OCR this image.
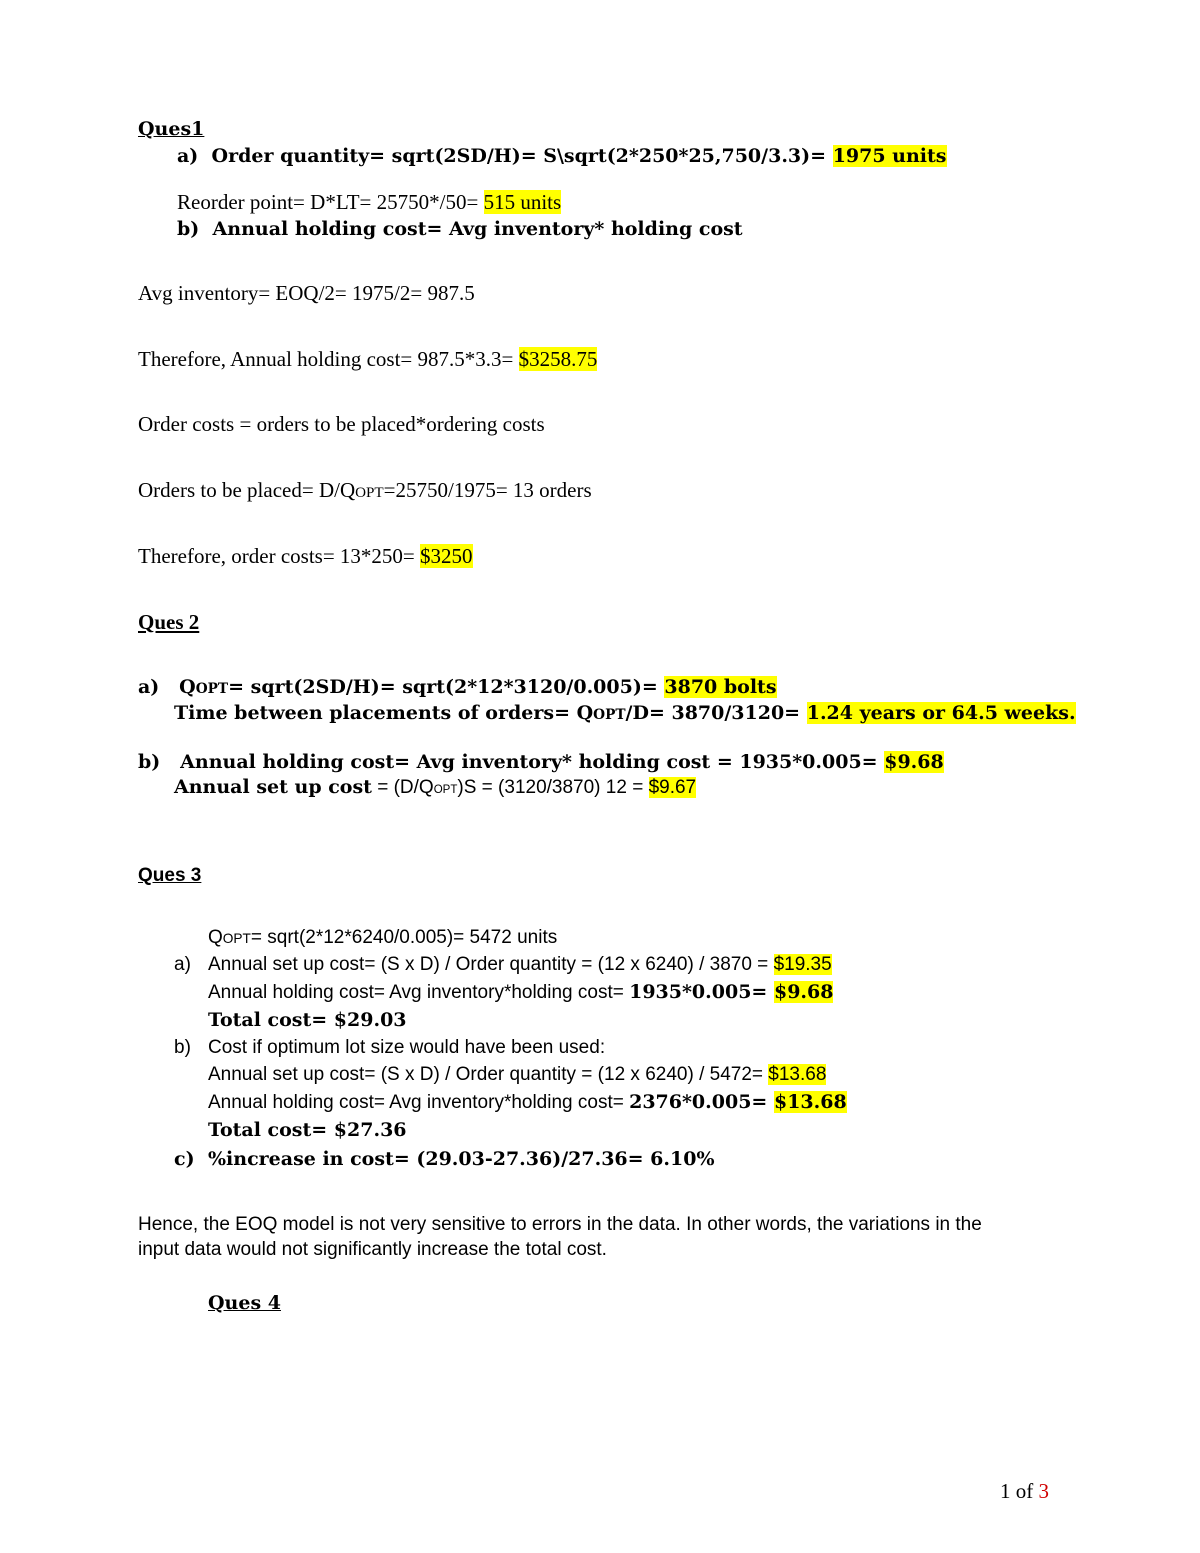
Ques1
a) Order quantity= sqrt(2SD/H)= S\sqrt(2*250*25,750/3.3)= 1975 units
Reorder point= D*LT= 25750*/50= 515 units
b) Annual holding cost= Avg inventory* holding cost
Avg inventory= EOQ/2= 1975/2= 987.5
Therefore, Annual holding cost= 987.5*3.3= $3258.75
Order costs = orders to be placed*ordering costs
Orders to be placed= D/QOPT=25750/1975= 13 orders
Therefore, order costs= 13*250= $3250
Ques 2
a) QOPT= sqrt(2SD/H)= sqrt(2*12*3120/0.005)= 3870 bolts
Time between placements of orders= QOPT/D= 3870/3120= 1.24 years or 64.5 weeks.
b) Annual holding cost= Avg inventory* holding cost = 1935*0.005= $9.68
Annual set up cost = (D/QOPT)S = (3120/3870) 12 = $9.67
Ques 3
QOPT= sqrt(2*12*6240/0.005)= 5472 units
a) Annual set up cost= (S x D) / Order quantity = (12 x 6240) / 3870 = $19.35
Annual holding cost= Avg inventory*holding cost= 1935*0.005= $9.68
Total cost= $29.03
b) Cost if optimum lot size would have been used:
Annual set up cost= (S x D) / Order quantity = (12 x 6240) / 5472= $13.68
Annual holding cost= Avg inventory*holding cost= 2376*0.005= $13.68
Total cost= $27.36
c) %increase in cost= (29.03-27.36)/27.36= 6.10%
Hence, the EOQ model is not very sensitive to errors in the data. In other words, the variations in the
input data would not significantly increase the total cost.
Ques 4
1 of 3
